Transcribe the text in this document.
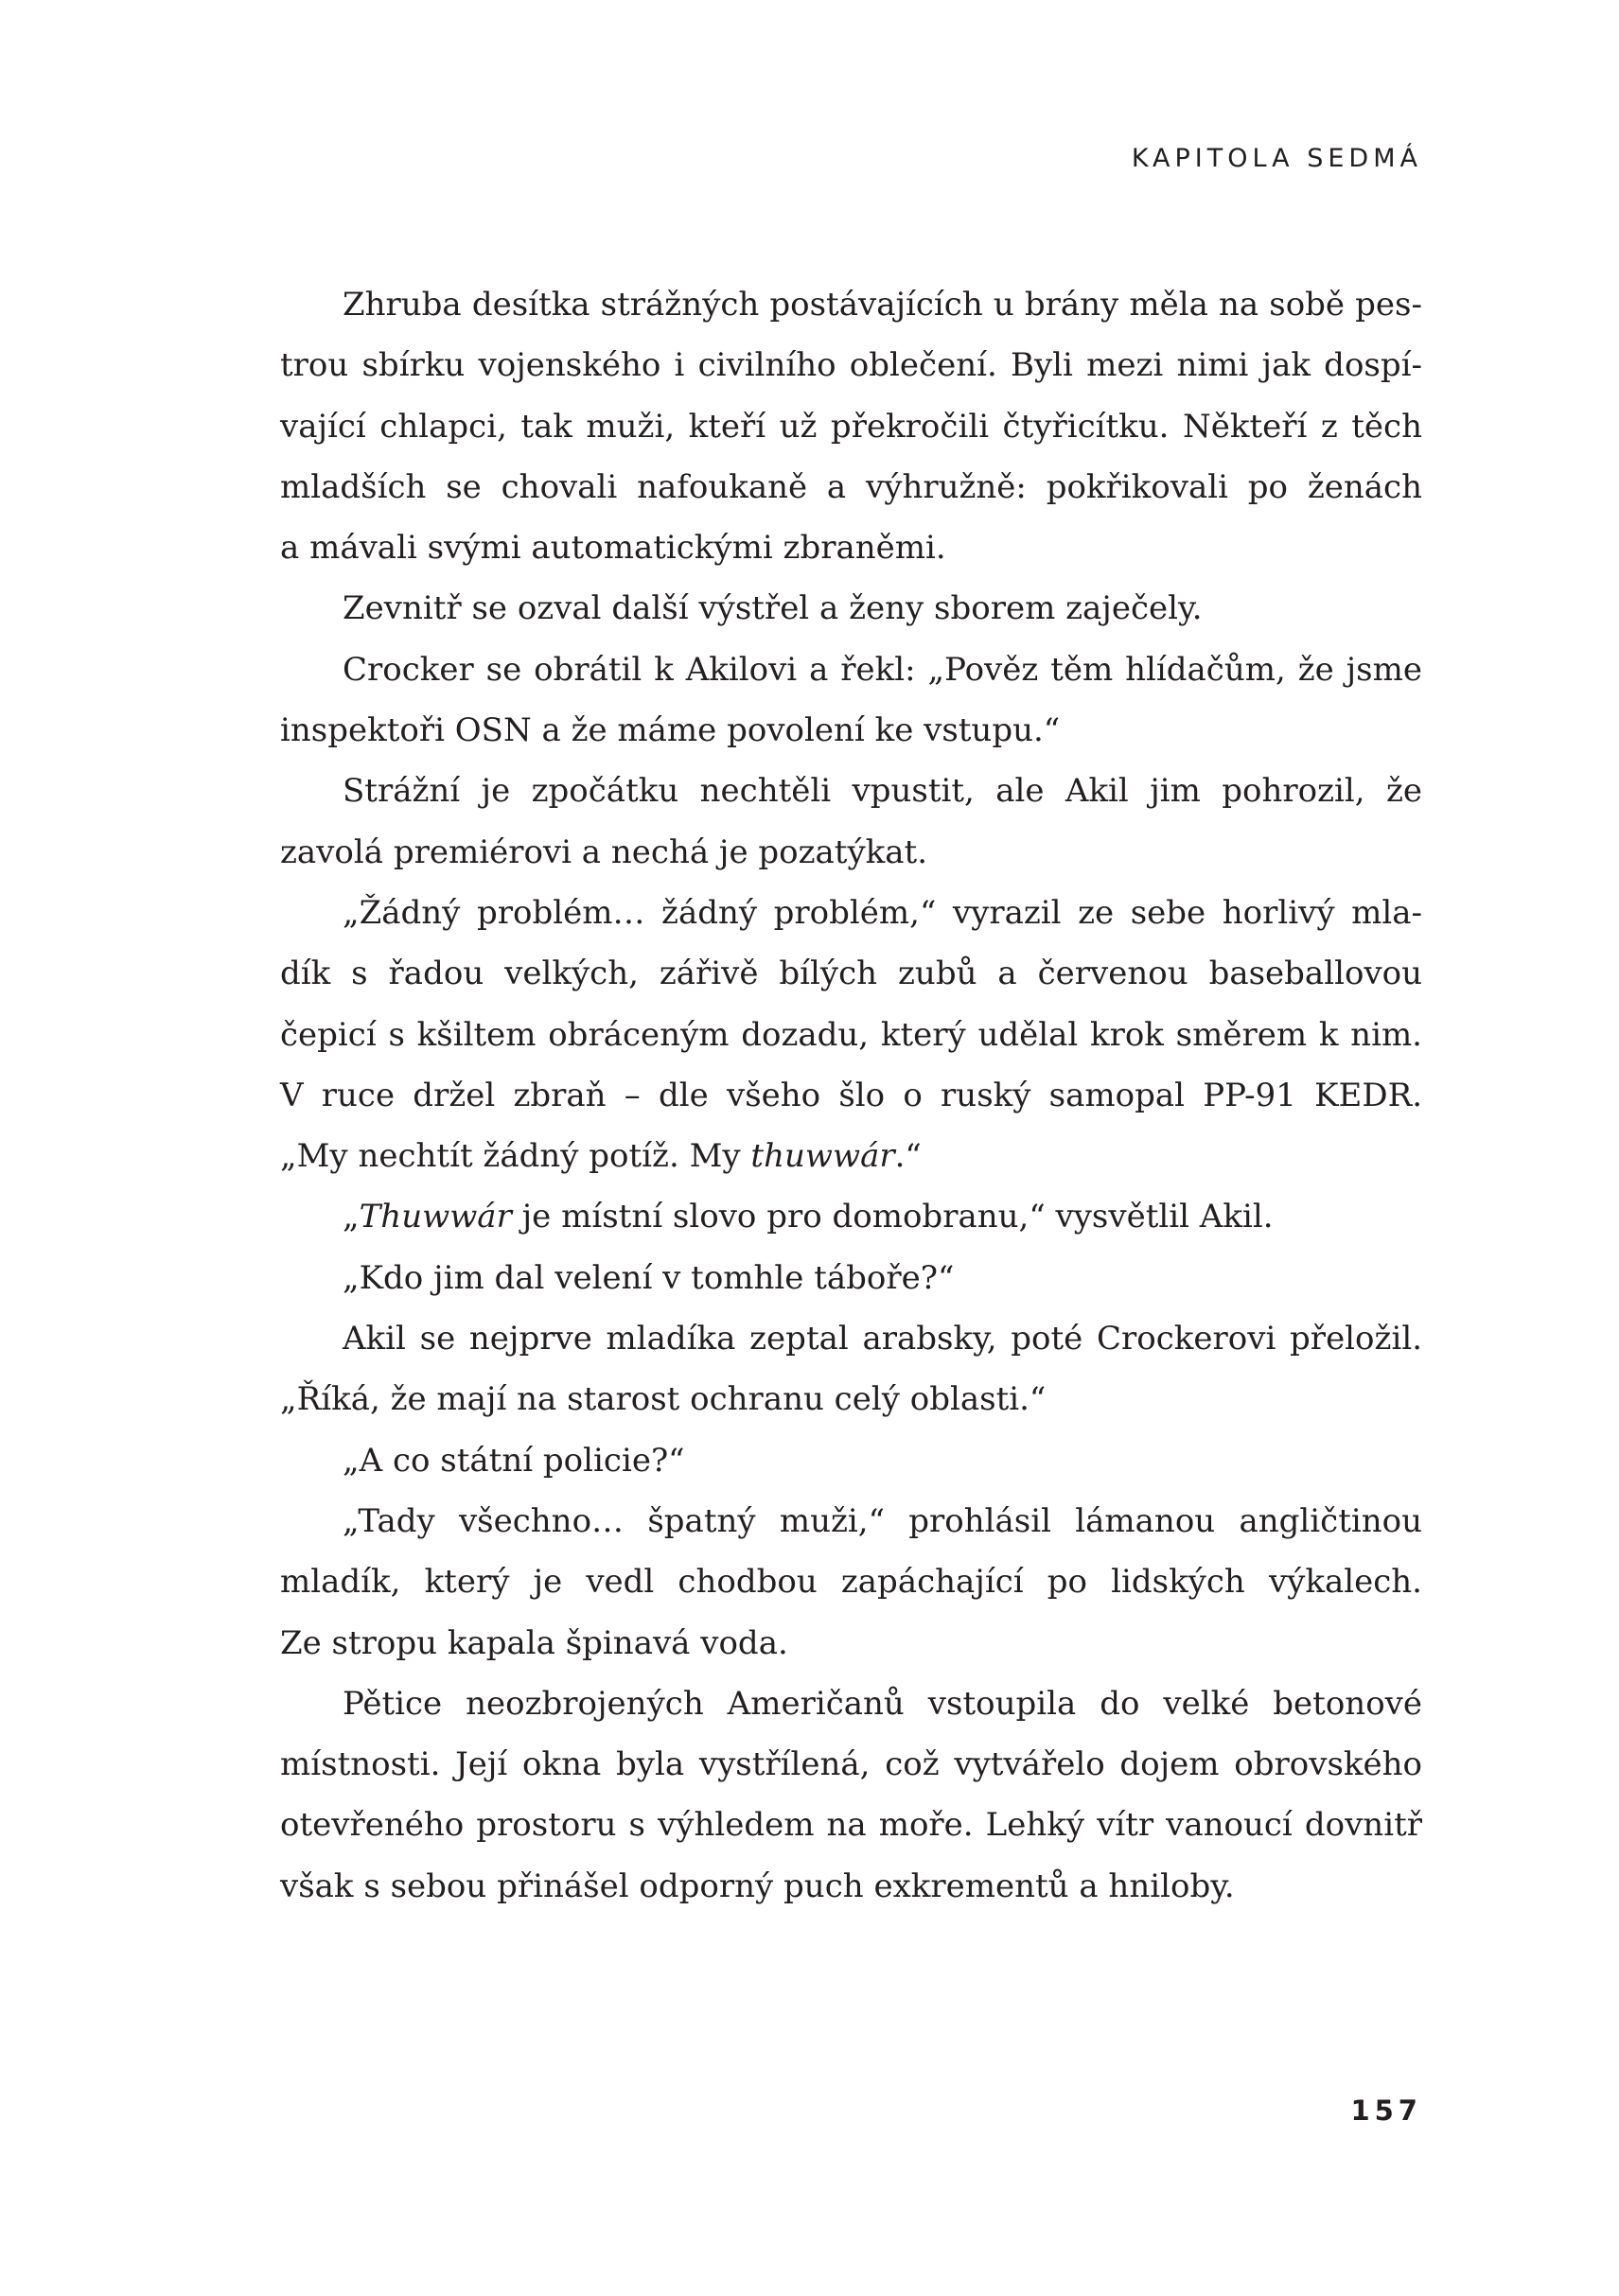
KAPITOLA SEDMÁ
Zhruba desítka strážných postávajících u brány měla na sobě pes-
trou sbírku vojenského i civilního oblečení. Byli mezi nimi jak dospí-
vající chlapci, tak muži, kteří už překročili čtyřicítku. Někteří z těch
mladších se chovali nafoukaně a výhružně: pokřikovali po ženách
a mávali svými automatickými zbraněmi.
Zevnitř se ozval další výstřel a ženy sborem zaječely.
Crocker se obrátil k Akilovi a řekl: „Pověz těm hlídačům, že jsme
inspektoři OSN a že máme povolení ke vstupu.“
Strážní je zpočátku nechtěli vpustit, ale Akil jim pohrozil, že
zavolá premiérovi a nechá je pozatýkat.
„Žádný problém… žádný problém,“ vyrazil ze sebe horlivý mla-
dík s řadou velkých, zářivě bílých zubů a červenou baseballovou
čepicí s kšiltem obráceným dozadu, který udělal krok směrem k nim.
V ruce držel zbraň – dle všeho šlo o ruský samopal PP-91 KEDR.
„My nechtít žádný potíž. My thuwwár.“
„Thuwwár je místní slovo pro domobranu,“ vysvětlil Akil.
„Kdo jim dal velení v tomhle táboře?“
Akil se nejprve mladíka zeptal arabsky, poté Crockerovi přeložil.
„Říká, že mají na starost ochranu celý oblasti.“
„A co státní policie?“
„Tady všechno… špatný muži,“ prohlásil lámanou angličtinou
mladík, který je vedl chodbou zapáchající po lidských výkalech.
Ze stropu kapala špinavá voda.
Pětice neozbrojených Američanů vstoupila do velké betonové
místnosti. Její okna byla vystřílená, což vytvářelo dojem obrovského
otevřeného prostoru s výhledem na moře. Lehký vítr vanoucí dovnitř
však s sebou přinášel odporný puch exkrementů a hniloby.
157
